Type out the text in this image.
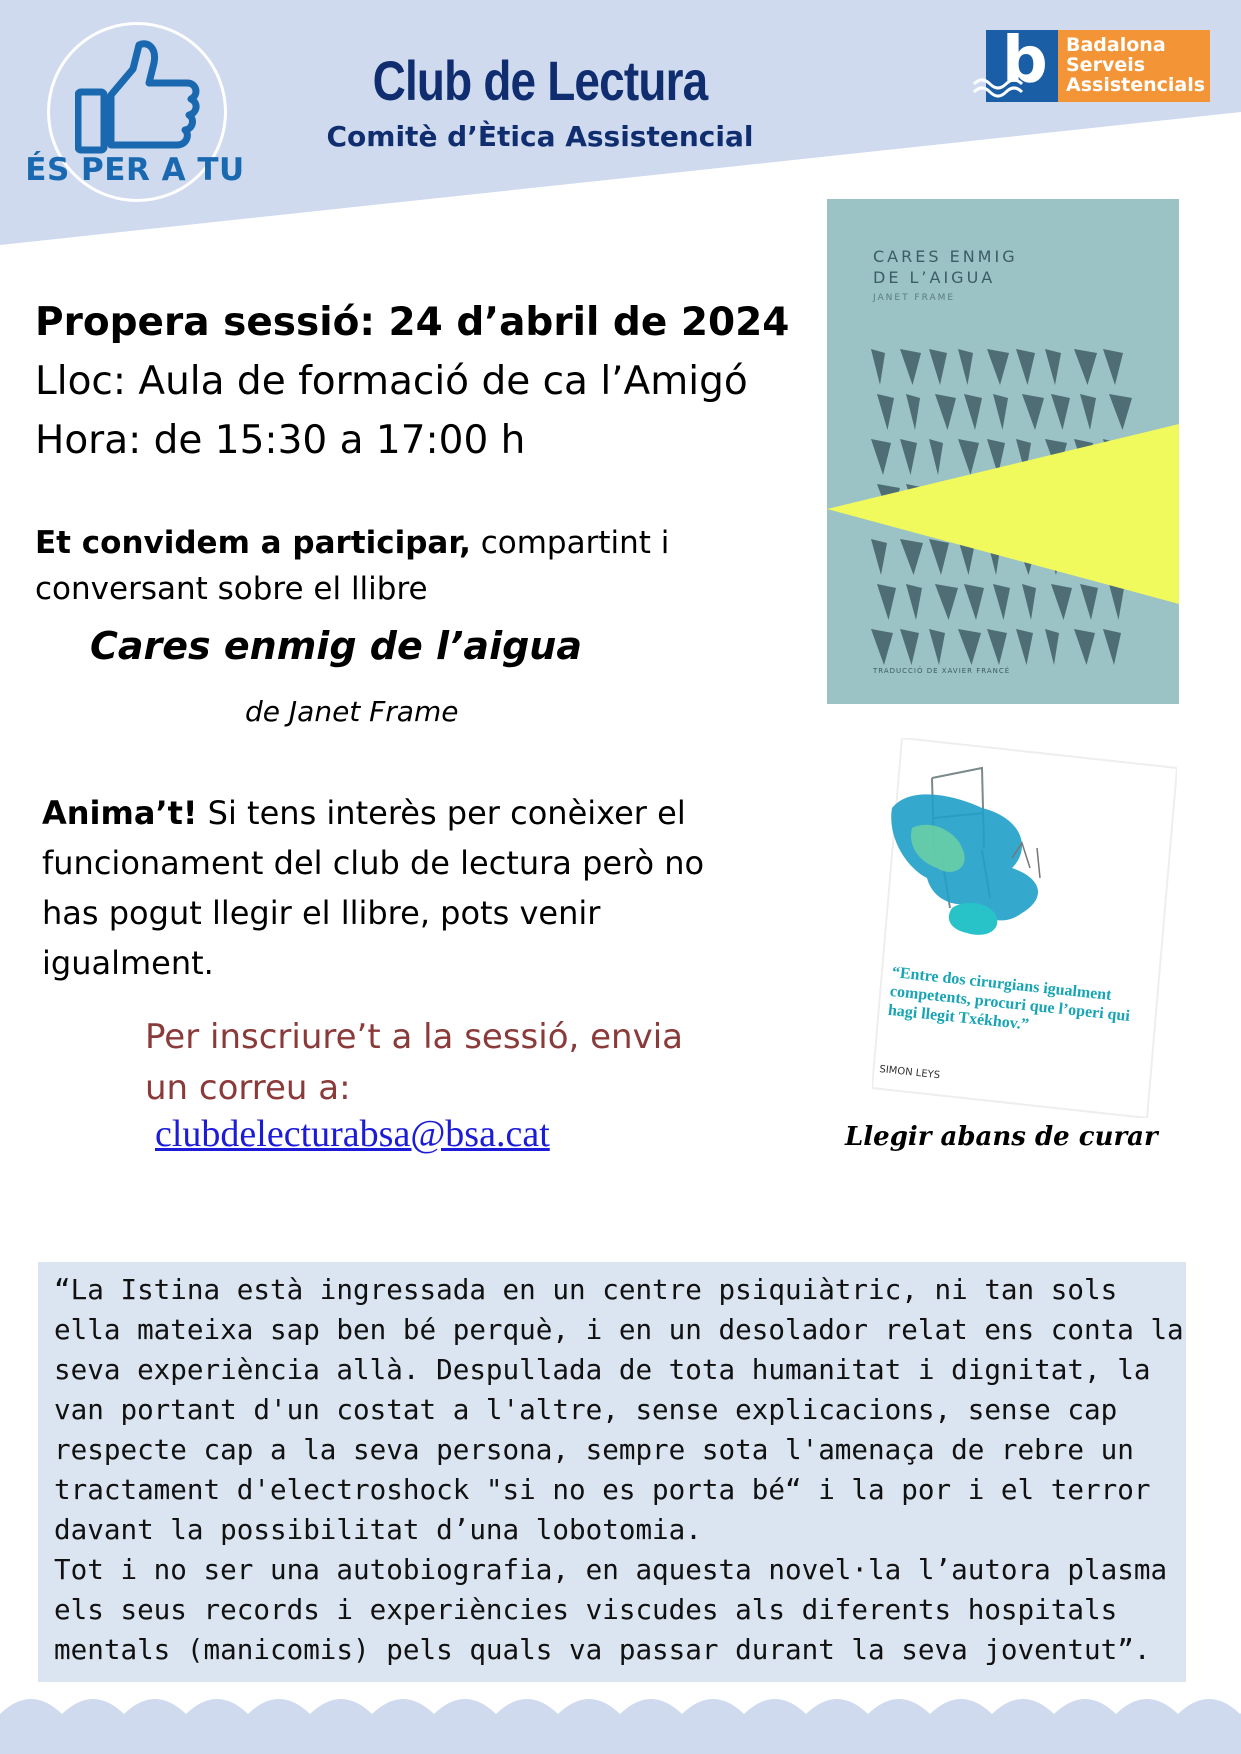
ÉS PER A TU
Club de Lectura
Comitè d’Ètica Assistencial
b Badalona
Serveis
Assistencials
Propera sessió: 24 d’abril de 2024
Lloc: Aula de formació de ca l’Amigó
Hora: de 15:30 a 17:00 h
Et convidem a participar, compartint i conversant sobre el llibre
Cares enmig de l’aigua
de Janet Frame
Anima’t! Si tens interès per conèixer el funcionament del club de lectura però no has pogut llegir el llibre, pots venir igualment.
Per inscriure’t a la sessió, envia un correu a:
clubdelecturabsa@bsa.cat
CARES ENMIG
DE L’AIGUA
JANET FRAME
TRADUCCIÓ DE XAVIER FRANCÉ
“Entre dos cirurgians igualment competents, procuri que l’operi qui hagi llegit Txékhov.”
SIMON LEYS
Llegir abans de curar

“La Istina està ingressada en un centre psiquiàtric, ni tan sols ella mateixa sap ben bé perquè, i en un desolador relat ens conta la seva experiència allà. Despullada de tota humanitat i dignitat, la van portant d'un costat a l'altre, sense explicacions, sense cap respecte cap a la seva persona, sempre sota l'amenaça de rebre un tractament d'electroshock "si no es porta bé“ i la por i el terror davant la possibilitat d’una lobotomia.
Tot i no ser una autobiografia, en aquesta novel·la l’autora plasma els seus records i experiències viscudes als diferents hospitals mentals (manicomis) pels quals va passar durant la seva joventut”.
